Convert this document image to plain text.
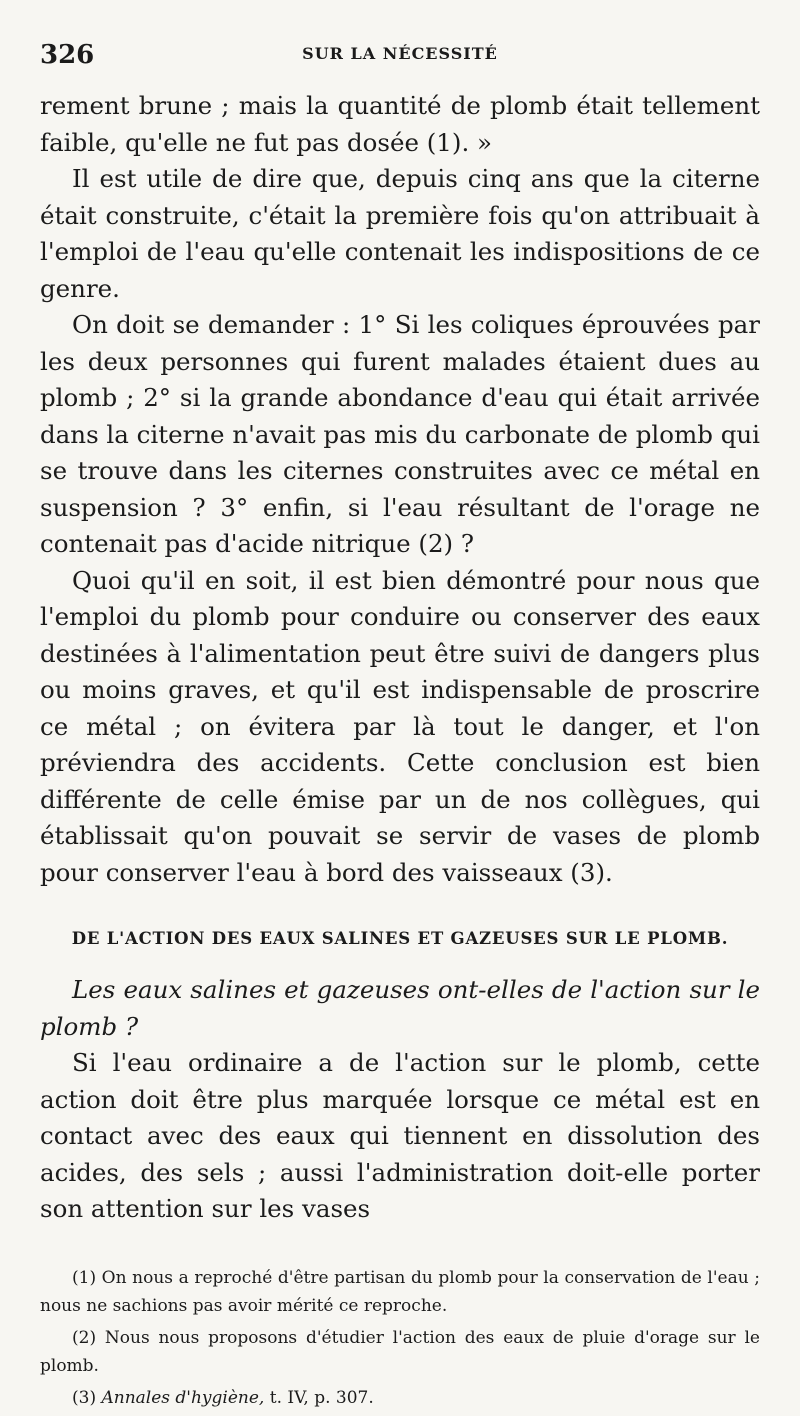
326	SUR LA NÉCESSITÉ

rement brune ; mais la quantité de plomb était tellement faible, qu'elle ne fut pas dosée (1). »

Il est utile de dire que, depuis cinq ans que la citerne était construite, c'était la première fois qu'on attribuait à l'emploi de l'eau qu'elle contenait les indispositions de ce genre.

On doit se demander : 1° Si les coliques éprouvées par les deux personnes qui furent malades étaient dues au plomb ; 2° si la grande abondance d'eau qui était arrivée dans la citerne n'avait pas mis du carbonate de plomb qui se trouve dans les citernes construites avec ce métal en suspension ? 3° enfin, si l'eau résultant de l'orage ne contenait pas d'acide nitrique (2) ?

Quoi qu'il en soit, il est bien démontré pour nous que l'emploi du plomb pour conduire ou conserver des eaux destinées à l'alimentation peut être suivi de dangers plus ou moins graves, et qu'il est indispensable de proscrire ce métal ; on évitera par là tout le danger, et l'on préviendra des accidents. Cette conclusion est bien différente de celle émise par un de nos collègues, qui établissait qu'on pouvait se servir de vases de plomb pour conserver l'eau à bord des vaisseaux (3).

DE L'ACTION DES EAUX SALINES ET GAZEUSES SUR LE PLOMB.

Les eaux salines et gazeuses ont-elles de l'action sur le plomb ?

Si l'eau ordinaire a de l'action sur le plomb, cette action doit être plus marquée lorsque ce métal est en contact avec des eaux qui tiennent en dissolution des acides, des sels ; aussi l'administration doit-elle porter son attention sur les vases

(1) On nous a reproché d'être partisan du plomb pour la conservation de l'eau ; nous ne sachions pas avoir mérité ce reproche.

(2) Nous nous proposons d'étudier l'action des eaux de pluie d'orage sur le plomb.

(3) Annales d'hygiène, t. IV, p. 307.
